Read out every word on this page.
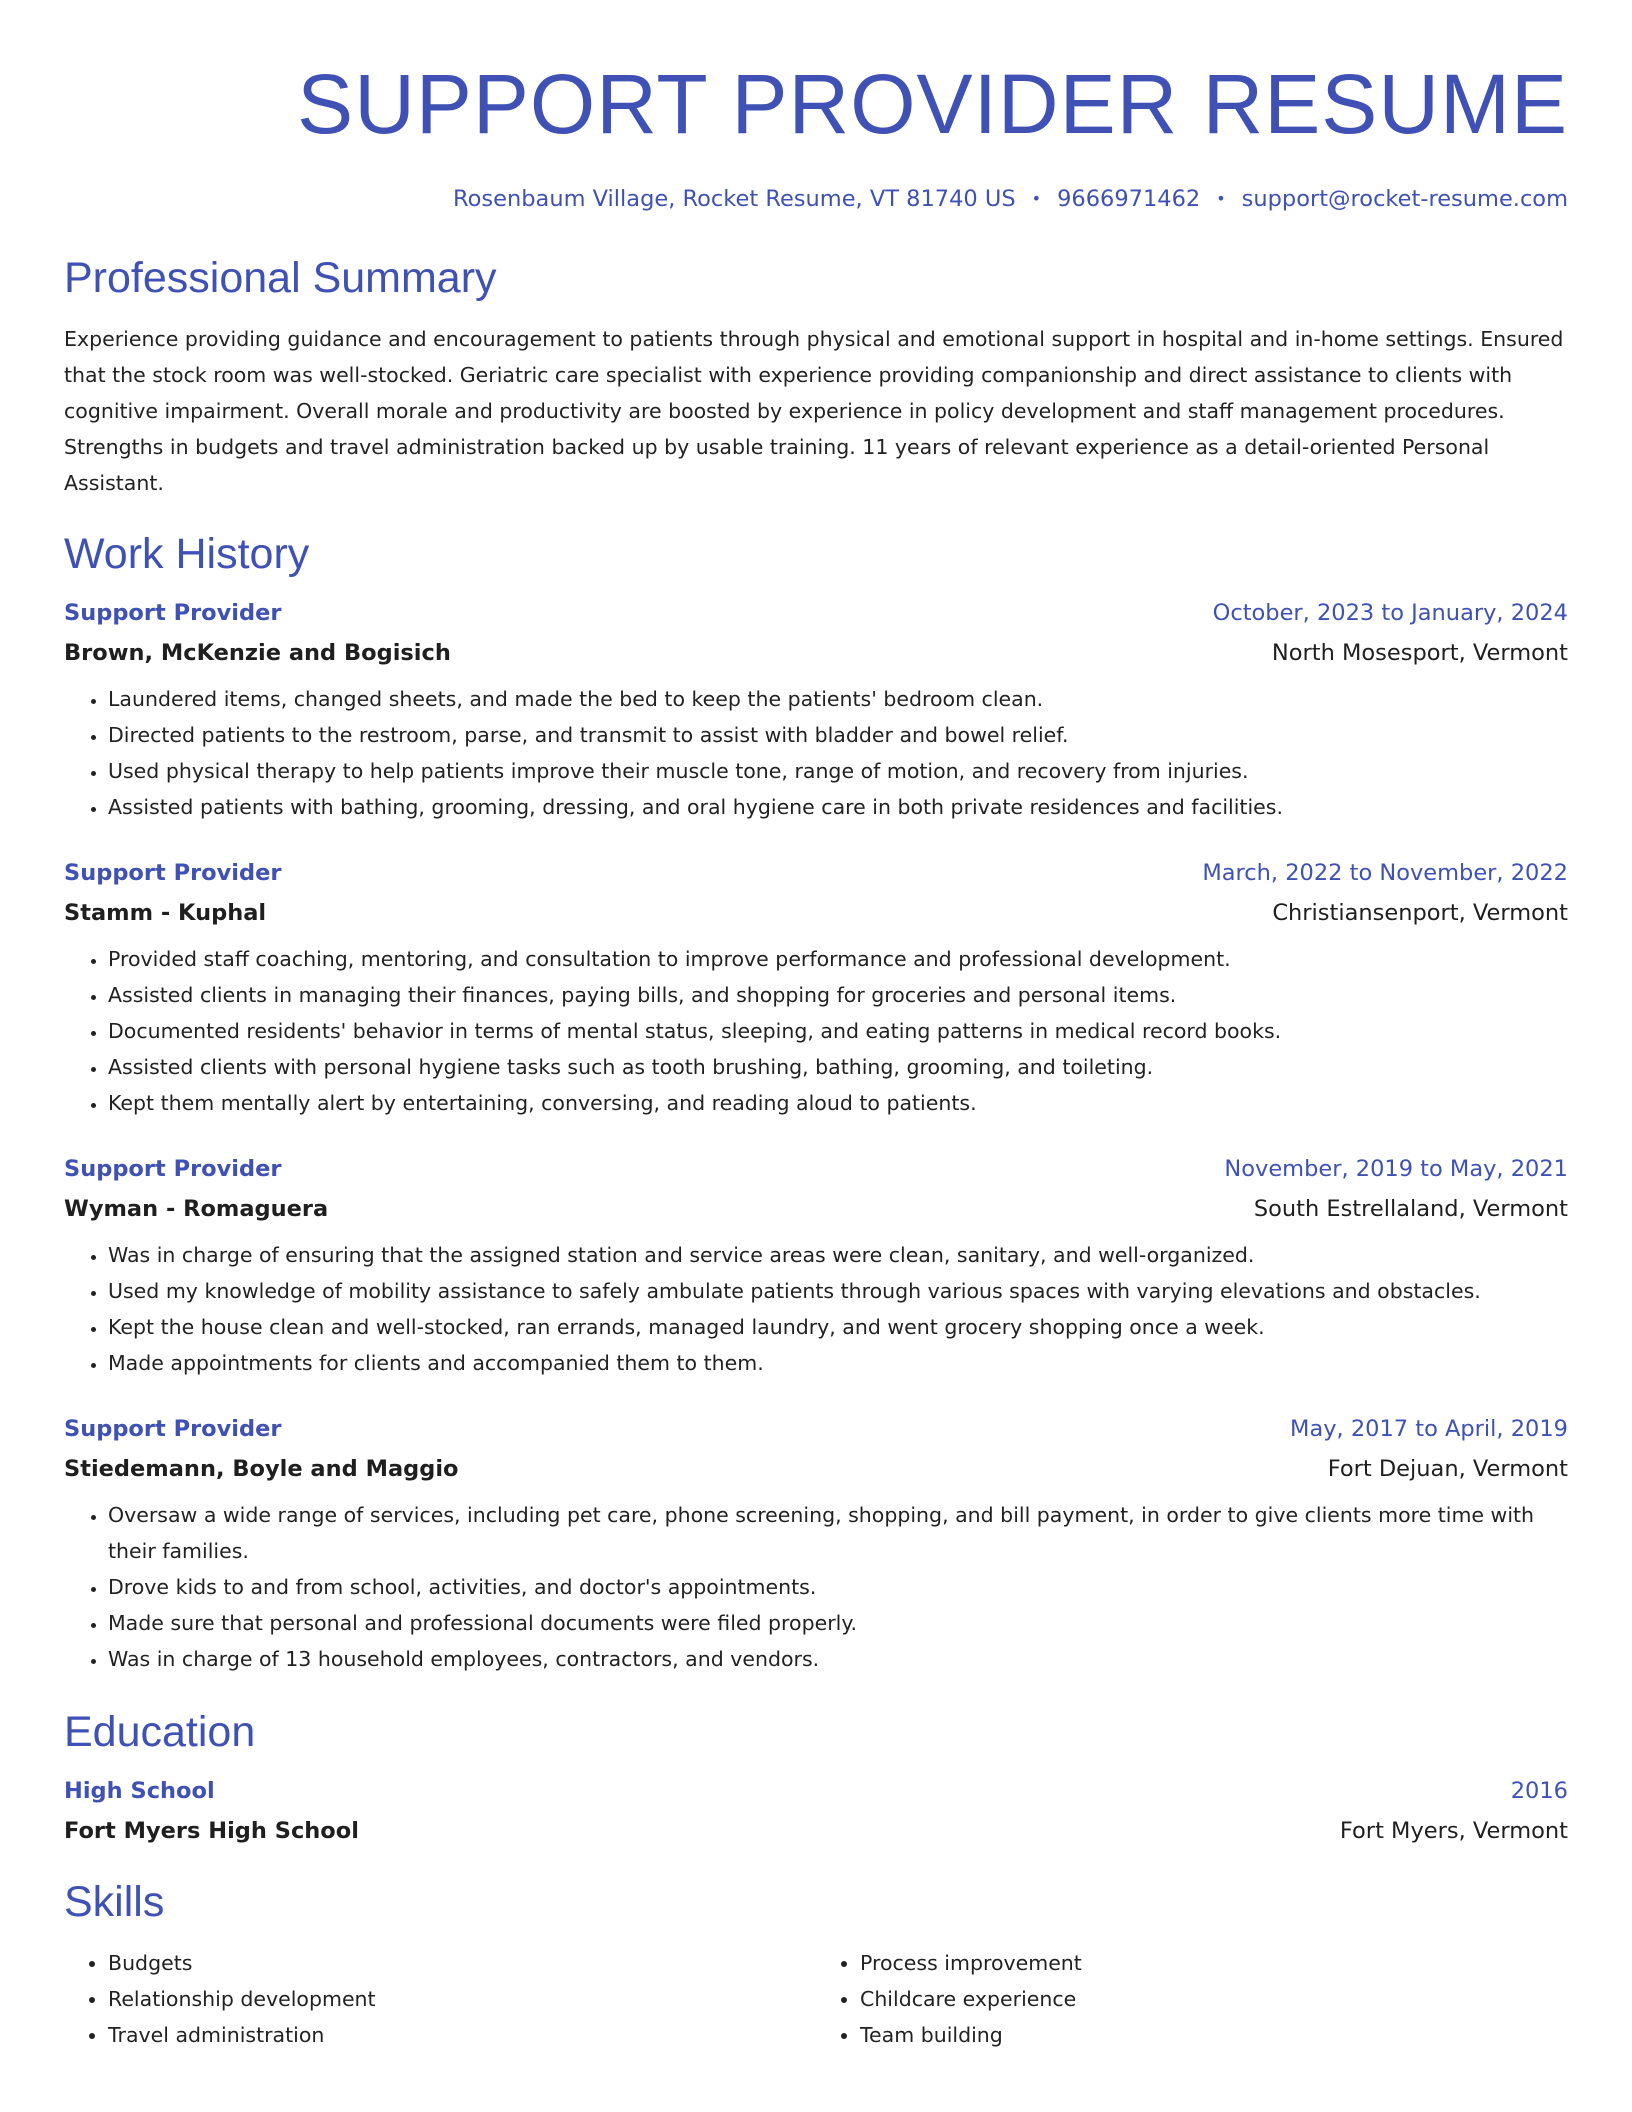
SUPPORT PROVIDER RESUME
Rosenbaum Village, Rocket Resume, VT 81740 US • 9666971462 • support@rocket-resume.com
Professional Summary
Experience providing guidance and encouragement to patients through physical and emotional support in hospital and in-home settings. Ensured that the stock room was well-stocked. Geriatric care specialist with experience providing companionship and direct assistance to clients with cognitive impairment. Overall morale and productivity are boosted by experience in policy development and staff management procedures. Strengths in budgets and travel administration backed up by usable training. 11 years of relevant experience as a detail-oriented Personal Assistant.
Work History
Support Provider	October, 2023 to January, 2024
Brown, McKenzie and Bogisich	North Mosesport, Vermont
• Laundered items, changed sheets, and made the bed to keep the patients' bedroom clean.
• Directed patients to the restroom, parse, and transmit to assist with bladder and bowel relief.
• Used physical therapy to help patients improve their muscle tone, range of motion, and recovery from injuries.
• Assisted patients with bathing, grooming, dressing, and oral hygiene care in both private residences and facilities.
Support Provider	March, 2022 to November, 2022
Stamm - Kuphal	Christiansenport, Vermont
• Provided staff coaching, mentoring, and consultation to improve performance and professional development.
• Assisted clients in managing their finances, paying bills, and shopping for groceries and personal items.
• Documented residents' behavior in terms of mental status, sleeping, and eating patterns in medical record books.
• Assisted clients with personal hygiene tasks such as tooth brushing, bathing, grooming, and toileting.
• Kept them mentally alert by entertaining, conversing, and reading aloud to patients.
Support Provider	November, 2019 to May, 2021
Wyman - Romaguera	South Estrellaland, Vermont
• Was in charge of ensuring that the assigned station and service areas were clean, sanitary, and well-organized.
• Used my knowledge of mobility assistance to safely ambulate patients through various spaces with varying elevations and obstacles.
• Kept the house clean and well-stocked, ran errands, managed laundry, and went grocery shopping once a week.
• Made appointments for clients and accompanied them to them.
Support Provider	May, 2017 to April, 2019
Stiedemann, Boyle and Maggio	Fort Dejuan, Vermont
• Oversaw a wide range of services, including pet care, phone screening, shopping, and bill payment, in order to give clients more time with their families.
• Drove kids to and from school, activities, and doctor's appointments.
• Made sure that personal and professional documents were filed properly.
• Was in charge of 13 household employees, contractors, and vendors.
Education
High School	2016
Fort Myers High School	Fort Myers, Vermont
Skills
• Budgets
• Relationship development
• Travel administration
• Process improvement
• Childcare experience
• Team building
